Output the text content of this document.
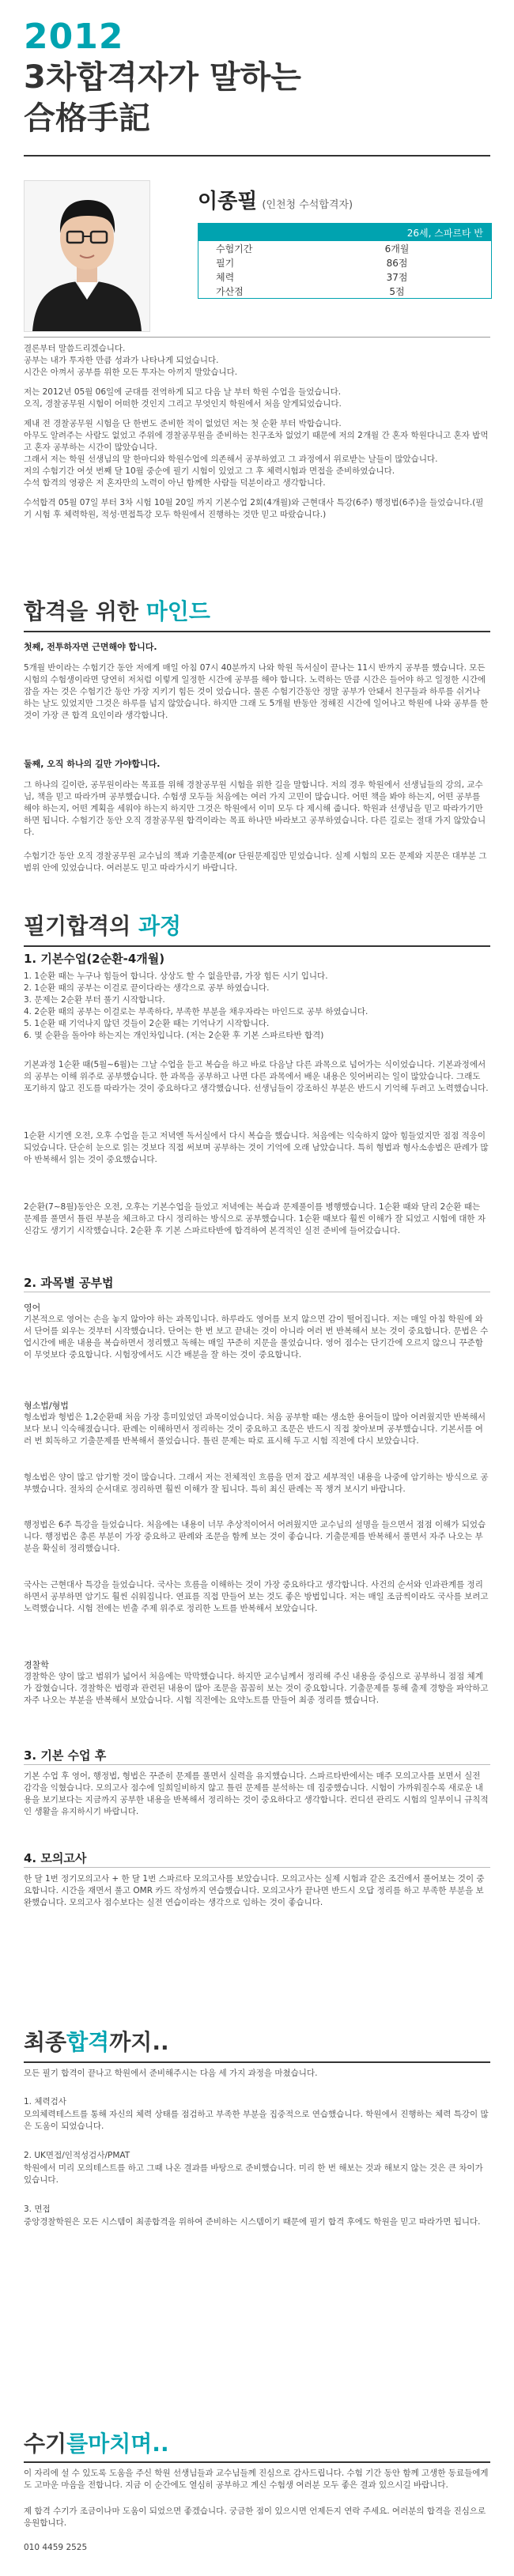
2012
3차합격자가 말하는
合格手記
이종필 (인천청 수석합격자)
26세, 스파르타 반
수험기간	6개월
필기	86점
체력	37점
가산점	5점
결론부터 말씀드리겠습니다.
공부는 내가 투자한 만큼 성과가 나타나게 되었습니다.
시간은 아껴서 공부를 위한 모든 투자는 아끼지 말았습니다.
저는 2012년 05월 06일에 군대를 전역하게 되고 다음 날 부터 학원 수업을 들었습니다.
오직, 경찰공무원 시험이 어떠한 것인지 그리고 무엇인지 학원에서 처음 알게되었습니다.
제내 전 경찰공무원 시험을 단 한번도 준비한 적이 없었던 저는 첫 순환 부터 박합습니다.
아무도 알려주는 사람도 없었고 주위에 경찰공무원을 준비하는 친구조차 없었기 때문에 저의 2개월 간 혼자 학원다니고 혼자 밥먹고 혼자 공부하는 시간이 많았습니다.
그래서 저는 학원 선생님의 말 한마디와 학원수업에 의존해서 공부하였고 그 과정에서 위로받는 날들이 많았습니다.
저의 수험기간 여섯 번째 달 10월 중순에 필기 시험이 있었고 그 후 체력시험과 면접을 준비하였습니다.
수석 합격의 영광은 저 혼자만의 노력이 아닌 함께한 사람들 덕분이라고 생각합니다.
수석합격 05월 07일 부터 3차 시험 10월 20일 까지 기본수업 2회(4개월)와 근현대사 특강(6주) 행정법(6주)을 들었습니다.(필기 시험 후 체력학원, 적성·면접특강 모두 학원에서 진행하는 것만 믿고 따랐습니다.)
합격을 위한 마인드
첫째, 전투하자면 근면해야 합니다.
5개월 반이라는 수험기간 동안 저에게 매일 아침 07시 40분까지 나와 학원 독서실이 끝나는 11시 반까지 공부를 했습니다. 모든 시험의 수험생이라면 당연히 저처럼 이렇게 일정한 시간에 공부를 해야 합니다. 노력하는 만큼 시간은 들어야 하고 일정한 시간에 잠을 자는 것은 수험기간 동안 가장 지키기 힘든 것이 었습니다. 물론 수험기간동안 정말 공부가 안돼서 친구들과 하루를 쉬거나 하는 날도 있었지만 그것은 하루를 넘지 않았습니다. 하지만 그래 도 5개월 반동안 정해진 시간에 일어나고 학원에 나와 공부를 한 것이 가장 큰 합격 요인이라 생각합니다.
둘째, 오직 하나의 길만 가야합니다.
그 하나의 길이란, 공무원이라는 목표를 위해 경찰공무원 시험을 위한 길을 말합니다. 저의 경우 학원에서 선생님들의 강의, 교수님, 책을 믿고 따라가며 공부했습니다. 수험생 모두들 처음에는 여러 가지 고민이 많습니다. 어떤 책을 봐야 하는지, 어떤 공부를 해야 하는지, 어떤 계획을 세워야 하는지 하지만 그것은 학원에서 이미 모두 다 제시해 줍니다. 학원과 선생님을 믿고 따라가기만 하면 됩니다. 수험기간 동안 오직 경찰공무원 합격이라는 목표 하나만 바라보고 공부하였습니다. 다른 길로는 절대 가지 않았습니다.
수험기간 동안 오직 경찰공무원 교수님의 책과 기출문제(or 단원문제집만 믿었습니다. 실제 시험의 모든 문제와 지문은 대부분 그 범위 안에 있었습니다. 여러분도 믿고 따라가시기 바랍니다.
필기합격의 과정
1. 기본수업(2순환-4개월)
1. 1순환 때는 누구나 힘들어 합니다. 상상도 할 수 없을만큼, 가장 힘든 시기 입니다.
2. 1순환 때의 공부는 이걸로 끝이다라는 생각으로 공부 하였습니다.
3. 문제는 2순환 부터 풀기 시작합니다.
4. 2순환 때의 공부는 이걸로는 부족하다, 부족한 부분을 채우자라는 마인드로 공부 하였습니다.
5. 1순환 때 기억나지 않던 것들이 2순환 때는 기억나기 시작합니다.
6. 몇 순환을 돌아야 하는지는 개인차입니다. (저는 2순환 후 기본 스파르타반 합격)
기본과정 1순환 때(5월~6월)는 그날 수업을 듣고 복습을 하고 바로 다음날 다른 과목으로 넘어가는 식이었습니다. 기본과정에서의 공부는 이해 위주로 공부했습니다. 한 과목을 공부하고 나면 다른 과목에서 배운 내용은 잊어버리는 일이 많았습니다. 그래도 포기하지 않고 진도를 따라가는 것이 중요하다고 생각했습니다. 선생님들이 강조하신 부분은 반드시 기억해 두려고 노력했습니다.
1순환 시기엔 오전, 오후 수업을 듣고 저녁엔 독서실에서 다시 복습을 했습니다. 처음에는 익숙하지 않아 힘들었지만 점점 적응이 되었습니다. 단순히 눈으로 읽는 것보다 직접 써보며 공부하는 것이 기억에 오래 남았습니다. 특히 형법과 형사소송법은 판례가 많아 반복해서 읽는 것이 중요했습니다.
2순환(7~8월)동안은 오전, 오후는 기본수업을 들었고 저녁에는 복습과 문제풀이를 병행했습니다. 1순환 때와 달리 2순환 때는 문제를 풀면서 틀린 부분을 체크하고 다시 정리하는 방식으로 공부했습니다. 1순환 때보다 훨씬 이해가 잘 되었고 시험에 대한 자신감도 생기기 시작했습니다. 2순환 후 기본 스파르타반에 합격하여 본격적인 실전 준비에 들어갔습니다.
2. 과목별 공부법
영어
기본적으로 영어는 손을 놓지 않아야 하는 과목입니다. 하루라도 영어를 보지 않으면 감이 떨어집니다. 저는 매일 아침 학원에 와서 단어를 외우는 것부터 시작했습니다. 단어는 한 번 보고 끝내는 것이 아니라 여러 번 반복해서 보는 것이 중요합니다. 문법은 수업시간에 배운 내용을 복습하면서 정리했고 독해는 매일 꾸준히 지문을 풀었습니다. 영어 점수는 단기간에 오르지 않으니 꾸준함이 무엇보다 중요합니다. 시험장에서도 시간 배분을 잘 하는 것이 중요합니다.
형소법/형법
형소법과 형법은 1,2순환때 처음 가장 흥미있었던 과목이었습니다. 처음 공부할 때는 생소한 용어들이 많아 어려웠지만 반복해서 보다 보니 익숙해졌습니다. 판례는 이해하면서 정리하는 것이 중요하고 조문은 반드시 직접 찾아보며 공부했습니다. 기본서를 여러 번 회독하고 기출문제를 반복해서 풀었습니다. 틀린 문제는 따로 표시해 두고 시험 직전에 다시 보았습니다.
형소법은 양이 많고 암기할 것이 많습니다. 그래서 저는 전체적인 흐름을 먼저 잡고 세부적인 내용을 나중에 암기하는 방식으로 공부했습니다. 절차의 순서대로 정리하면 훨씬 이해가 잘 됩니다. 특히 최신 판례는 꼭 챙겨 보시기 바랍니다.
행정법은 6주 특강을 들었습니다. 처음에는 내용이 너무 추상적이어서 어려웠지만 교수님의 설명을 들으면서 점점 이해가 되었습니다. 행정법은 총론 부분이 가장 중요하고 판례와 조문을 함께 보는 것이 좋습니다. 기출문제를 반복해서 풀면서 자주 나오는 부분을 확실히 정리했습니다.
국사는 근현대사 특강을 들었습니다. 국사는 흐름을 이해하는 것이 가장 중요하다고 생각합니다. 사건의 순서와 인과관계를 정리하면서 공부하면 암기도 훨씬 쉬워집니다. 연표를 직접 만들어 보는 것도 좋은 방법입니다. 저는 매일 조금씩이라도 국사를 보려고 노력했습니다. 시험 전에는 빈출 주제 위주로 정리한 노트를 반복해서 보았습니다.
경찰학
경찰학은 양이 많고 범위가 넓어서 처음에는 막막했습니다. 하지만 교수님께서 정리해 주신 내용을 중심으로 공부하니 점점 체계가 잡혔습니다. 경찰학은 법령과 관련된 내용이 많아 조문을 꼼꼼히 보는 것이 중요합니다. 기출문제를 통해 출제 경향을 파악하고 자주 나오는 부분을 반복해서 보았습니다. 시험 직전에는 요약노트를 만들어 최종 정리를 했습니다.
3. 기본 수업 후
기본 수업 후 영어, 행정법, 형법은 꾸준히 문제를 풀면서 실력을 유지했습니다. 스파르타반에서는 매주 모의고사를 보면서 실전 감각을 익혔습니다. 모의고사 점수에 일희일비하지 않고 틀린 문제를 분석하는 데 집중했습니다. 시험이 가까워질수록 새로운 내용을 보기보다는 지금까지 공부한 내용을 반복해서 정리하는 것이 중요하다고 생각합니다. 컨디션 관리도 시험의 일부이니 규칙적인 생활을 유지하시기 바랍니다.
4. 모의고사
한 달 1번 정기모의고사 + 한 달 1번 스파르타 모의고사를 보았습니다. 모의고사는 실제 시험과 같은 조건에서 풀어보는 것이 중요합니다. 시간을 재면서 풀고 OMR 카드 작성까지 연습했습니다. 모의고사가 끝나면 반드시 오답 정리를 하고 부족한 부분을 보완했습니다. 모의고사 점수보다는 실전 연습이라는 생각으로 임하는 것이 좋습니다.
최종합격까지..
모든 필기 합격이 끝나고 학원에서 준비해주시는 다음 세 가지 과정을 마쳤습니다.
1. 체력검사
모의체력테스트를 통해 자신의 체력 상태를 점검하고 부족한 부분을 집중적으로 연습했습니다. 학원에서 진행하는 체력 특강이 많은 도움이 되었습니다.
2. UK면접/인적성검사/PMAT
학원에서 미리 모의테스트를 하고 그때 나온 결과를 바탕으로 준비했습니다. 미리 한 번 해보는 것과 해보지 않는 것은 큰 차이가 있습니다.
3. 면접
중앙경찰학원은 모든 시스템이 최종합격을 위하여 준비하는 시스템이기 때문에 필기 합격 후에도 학원을 믿고 따라가면 됩니다.
수기를마치며..
이 자리에 설 수 있도록 도움을 주신 학원 선생님들과 교수님들께 진심으로 감사드립니다. 수험 기간 동안 함께 고생한 동료들에게도 고마운 마음을 전합니다. 지금 이 순간에도 열심히 공부하고 계신 수험생 여러분 모두 좋은 결과 있으시길 바랍니다.
제 합격 수기가 조금이나마 도움이 되었으면 좋겠습니다. 궁금한 점이 있으시면 언제든지 연락 주세요. 여러분의 합격을 진심으로 응원합니다.
010 4459 2525
